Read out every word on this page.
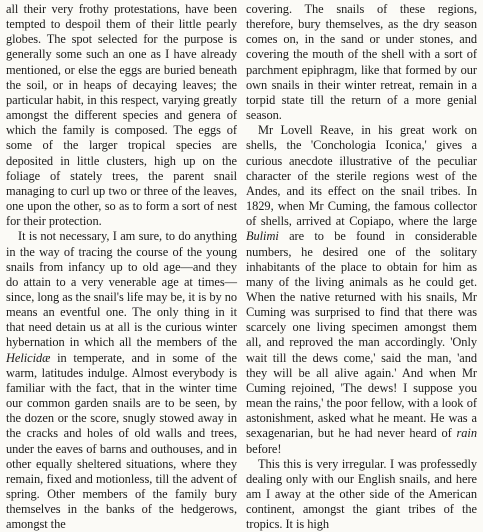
all their very frothy protestations, have been tempted to despoil them of their little pearly globes. The spot selected for the purpose is generally some such an one as I have already mentioned, or else the eggs are buried beneath the soil, or in heaps of decaying leaves; the particular habit, in this respect, varying greatly amongst the different species and genera of which the family is composed. The eggs of some of the larger tropical species are deposited in little clusters, high up on the foliage of stately trees, the parent snail managing to curl up two or three of the leaves, one upon the other, so as to form a sort of nest for their protection.

It is not necessary, I am sure, to do anything in the way of tracing the course of the young snails from infancy up to old age—and they do attain to a very venerable age at times—since, long as the snail's life may be, it is by no means an eventful one. The only thing in it that need detain us at all is the curious winter hybernation in which all the members of the Helicidæ in temperate, and in some of the warm, latitudes indulge. Almost everybody is familiar with the fact, that in the winter time our common garden snails are to be seen, by the dozen or the score, snugly stowed away in the cracks and holes of old walls and trees, under the eaves of barns and outhouses, and in other equally sheltered situations, where they remain, fixed and motionless, till the advent of spring. Other members of the family bury themselves in the banks of the hedgerows, amongst the

covering. The snails of these regions, therefore, bury themselves, as the dry season comes on, in the sand or under stones, and covering the mouth of the shell with a sort of parchment epiphragm, like that formed by our own snails in their winter retreat, remain in a torpid state till the return of a more genial season.

Mr Lovell Reave, in his great work on shells, the 'Conchologia Iconica,' gives a curious anecdote illustrative of the peculiar character of the sterile regions west of the Andes, and its effect on the snail tribes. In 1829, when Mr Cuming, the famous collector of shells, arrived at Copiapo, where the large Bulimi are to be found in considerable numbers, he desired one of the solitary inhabitants of the place to obtain for him as many of the living animals as he could get. When the native returned with his snails, Mr Cuming was surprised to find that there was scarcely one living specimen amongst them all, and reproved the man accordingly. 'Only wait till the dews come,' said the man, 'and they will be all alive again.' And when Mr Cuming rejoined, 'The dews! I suppose you mean the rains,' the poor fellow, with a look of astonishment, asked what he meant. He was a sexagenarian, but he had never heard of rain before!

This this is very irregular. I was professedly dealing only with our English snails, and here am I away at the other side of the American continent, amongst the giant tribes of the tropics. It is high
